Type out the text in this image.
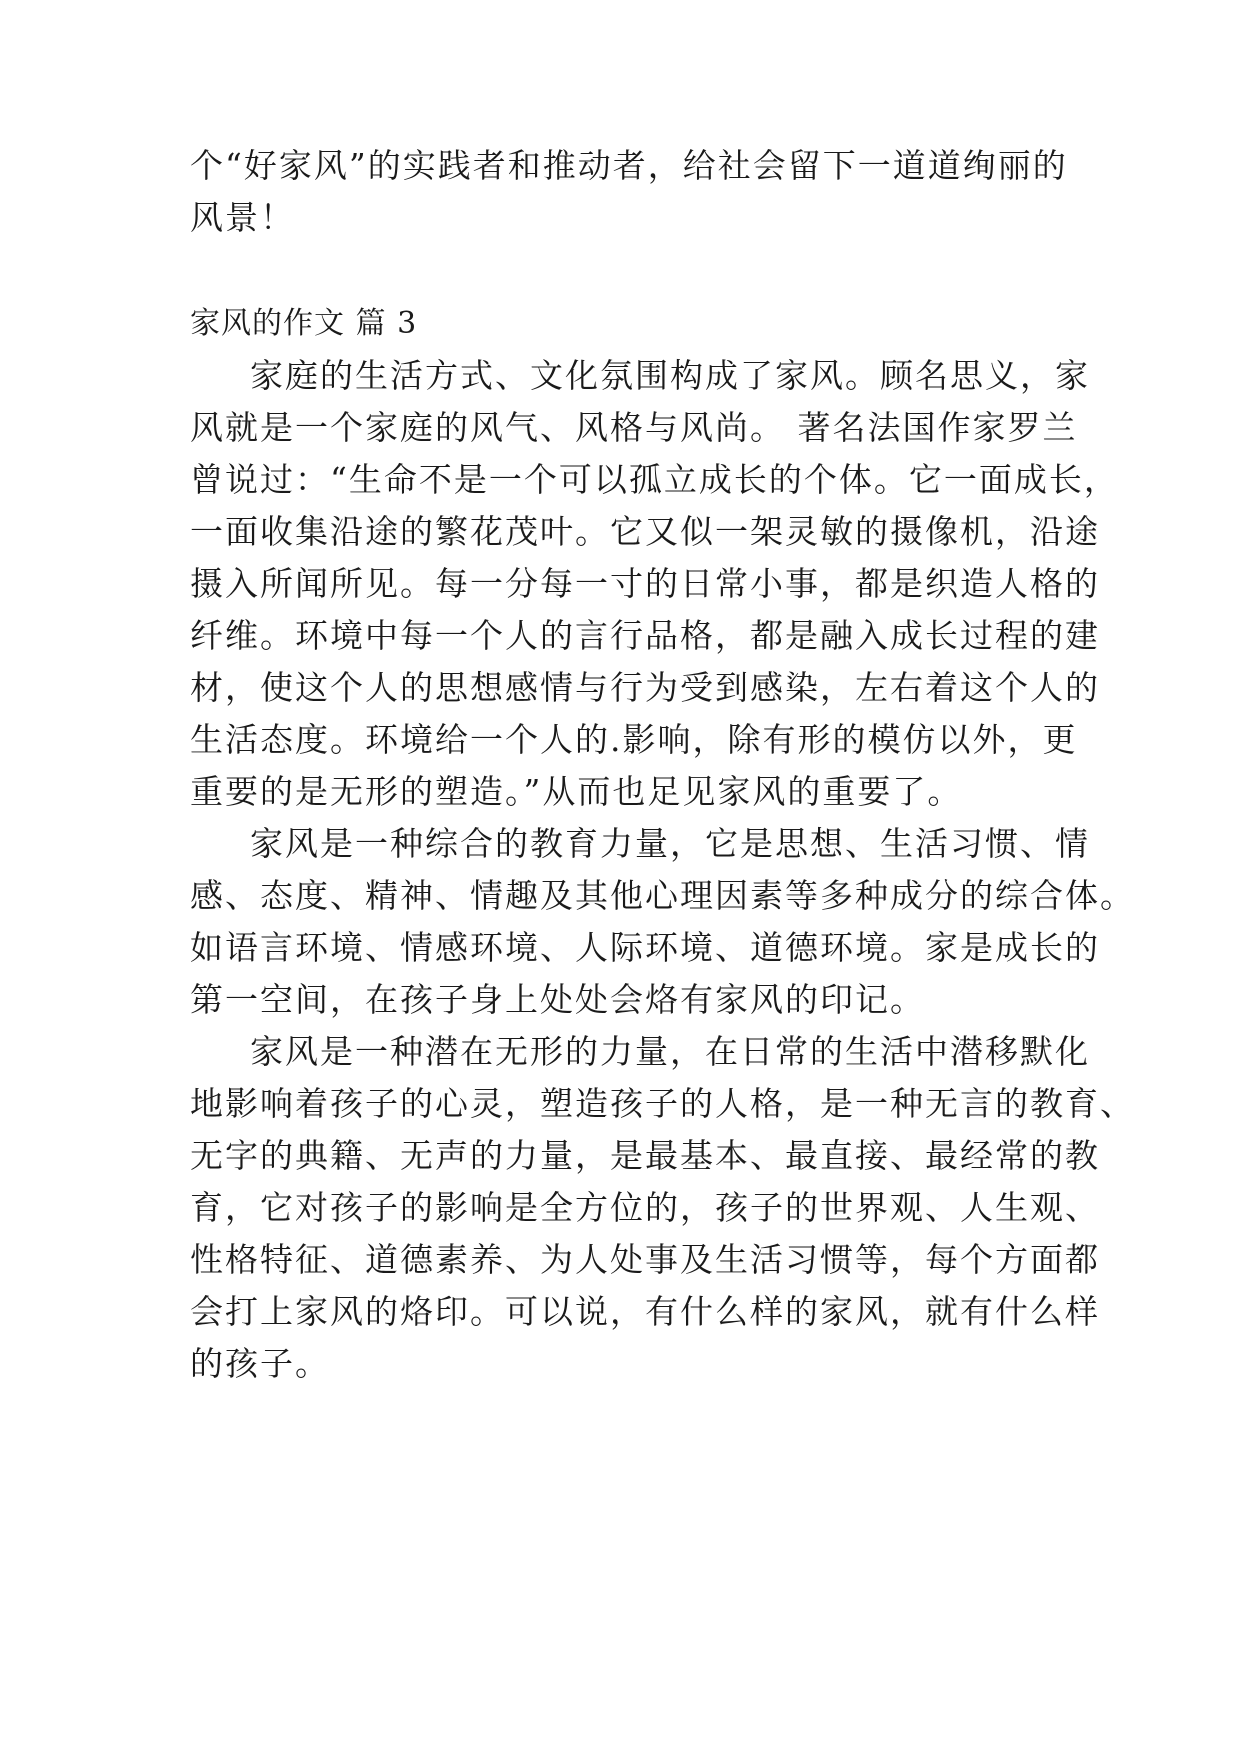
个“好家风”的实践者和推动者，给社会留下一道道绚丽的
风景！
家风的作文 篇 3
家庭的生活方式、文化氛围构成了家风。顾名思义，家
风就是一个家庭的风气、风格与风尚。 著名法国作家罗兰
曾说过：“生命不是一个可以孤立成长的个体。它一面成长，
一面收集沿途的繁花茂叶。它又似一架灵敏的摄像机，沿途
摄入所闻所见。每一分每一寸的日常小事，都是织造人格的
纤维。环境中每一个人的言行品格，都是融入成长过程的建
材，使这个人的思想感情与行为受到感染，左右着这个人的
生活态度。环境给一个人的.影响，除有形的模仿以外，更
重要的是无形的塑造。”从而也足见家风的重要了。
家风是一种综合的教育力量，它是思想、生活习惯、情
感、态度、精神、情趣及其他心理因素等多种成分的综合体。
如语言环境、情感环境、人际环境、道德环境。家是成长的
第一空间，在孩子身上处处会烙有家风的印记。
家风是一种潜在无形的力量，在日常的生活中潜移默化
地影响着孩子的心灵，塑造孩子的人格，是一种无言的教育、
无字的典籍、无声的力量，是最基本、最直接、最经常的教
育，它对孩子的影响是全方位的，孩子的世界观、人生观、
性格特征、道德素养、为人处事及生活习惯等，每个方面都
会打上家风的烙印。可以说，有什么样的家风，就有什么样
的孩子。
